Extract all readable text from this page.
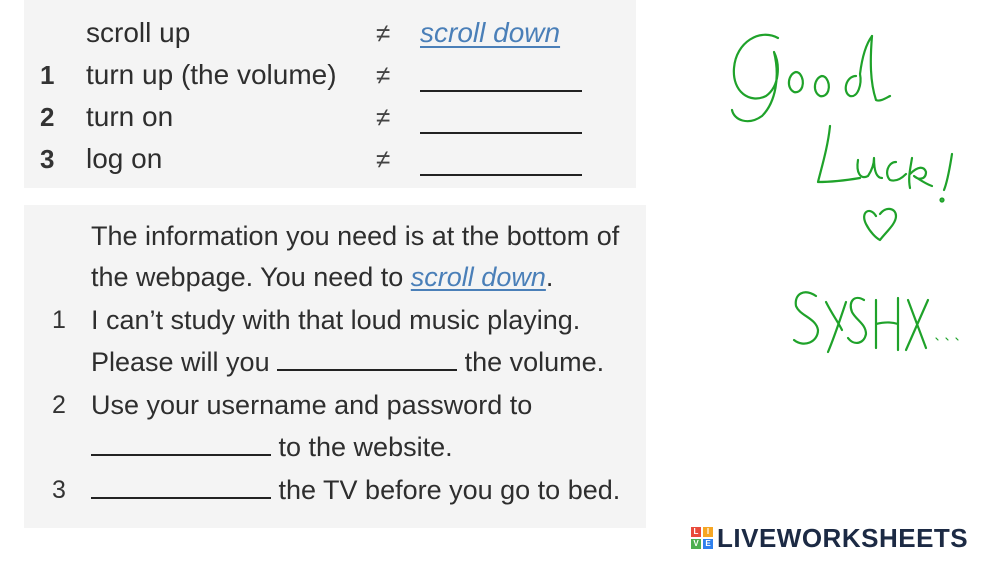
scroll up	≠ scroll down
1 turn up (the volume) ≠
2 turn on	≠
3 log on	≠
The information you need is at the bottom of
the webpage. You need to scroll down.
1 I can’t study with that loud music playing.
Please will you	the volume.
2 Use your username and password to
to the website.
3	the TV before you go to bed.
L	I
V E LIVEWORKSHEETS
